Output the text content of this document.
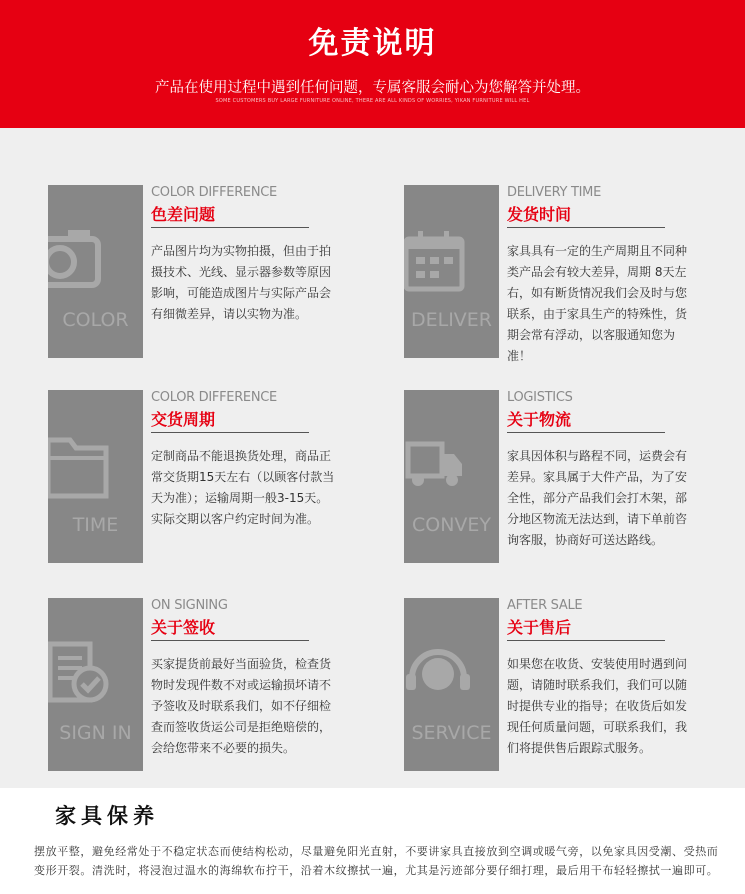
免责说明
产品在使用过程中遇到任何问题，专属客服会耐心为您解答并处理。
SOME CUSTOMERS BUY LARGE FURNITURE ONLINE, THERE ARE ALL KINDS OF WORRIES, YIKAN FURNITURE WILL HEL
COLOR
COLOR DIFFERENCE
色差问题
产品图片均为实物拍摄，但由于拍摄技术、光线、显示器参数等原因影响，可能造成图片与实际产品会有细微差异，请以实物为准。	DELIVER
DELIVERY TIME
发货时间
家具具有一定的生产周期且不同种类产品会有较大差异，周期 8天左右，如有断货情况我们会及时与您联系，由于家具生产的特殊性，货期会常有浮动，以客服通知您为准！
TIME
COLOR DIFFERENCE
交货周期
定制商品不能退换货处理，商品正常交货期15天左右（以顾客付款当天为准）；运输周期一般3-15天。实际交期以客户约定时间为准。	CONVEY
LOGISTICS
关于物流
家具因体积与路程不同，运费会有差异。家具属于大件产品，为了安全性，部分产品我们会打木架，部分地区物流无法达到，请下单前咨询客服，协商好可送达路线。
SIGN IN
ON SIGNING
关于签收
买家提货前最好当面验货，检查货物时发现件数不对或运输损坏请不予签收及时联系我们，如不仔细检查而签收货运公司是拒绝赔偿的，会给您带来不必要的损失。
SERVICE
AFTER SALE
关于售后
如果您在收货、安装使用时遇到问题，请随时联系我们，我们可以随时提供专业的指导；在收货后如发现任何质量问题，可联系我们，我们将提供售后跟踪式服务。
家具保养
摆放平整，避免经常处于不稳定状态而使结构松动，尽量避免阳光直射，不要讲家具直接放到空调或暖气旁，以免家具因受潮、受热而变形开裂。清洗时，将浸泡过温水的海绵软布拧干，沿着木纹擦拭一遍，尤其是污迹部分要仔细打理，最后用干布轻轻擦拭一遍即可。
